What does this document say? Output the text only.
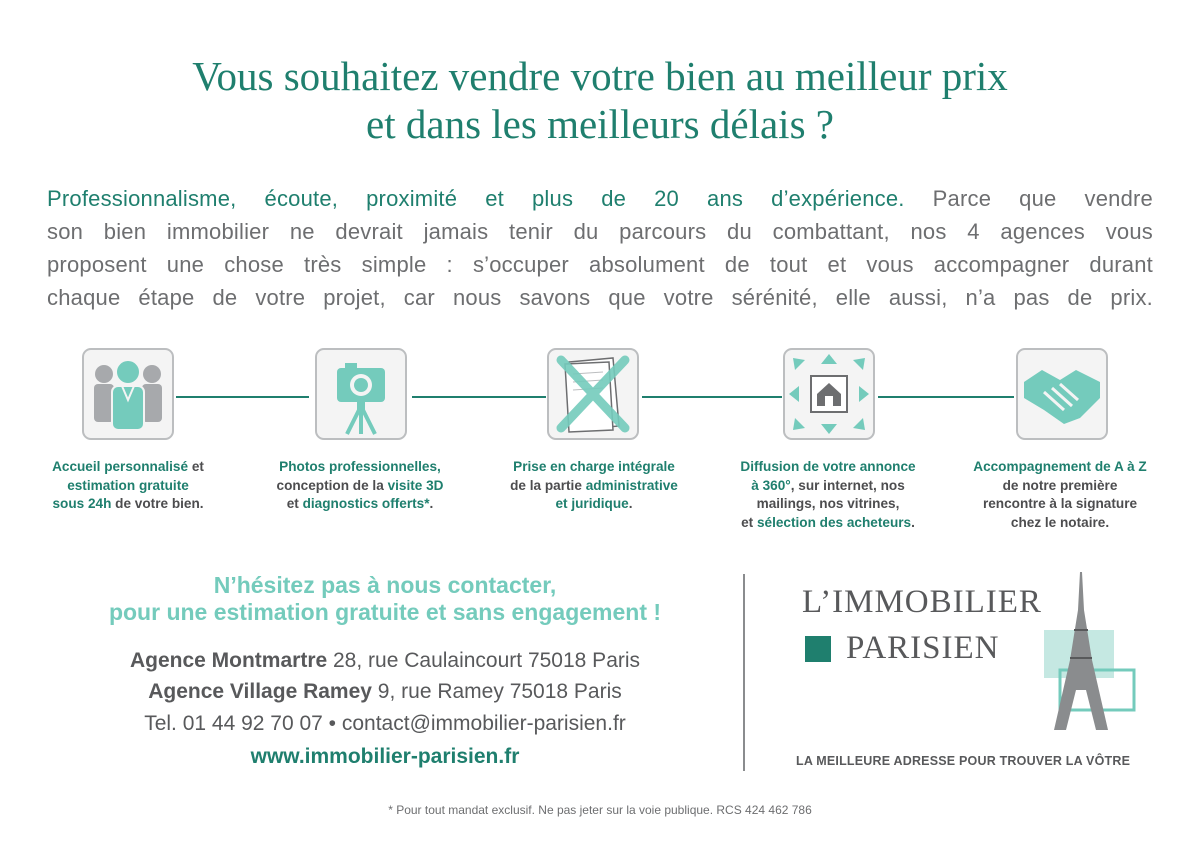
Vous souhaitez vendre votre bien au meilleur prix
et dans les meilleurs délais ?

Professionnalisme, écoute, proximité et plus de 20 ans d’expérience. Parce que vendre

son bien immobilier ne devrait jamais tenir du parcours du combattant, nos 4 agences vous

proposent une chose très simple : s’occuper absolument de tout et vous accompagner durant

chaque étape de votre projet, car nous savons que votre sérénité, elle aussi, n’a pas de prix.

Accueil personnalisé et
estimation gratuite
sous 24h de votre bien.
Photos professionnelles,
conception de la visite 3D
et diagnostics offerts*.
Prise en charge intégrale
de la partie administrative
et juridique.
Diffusion de votre annonce
à 360°, sur internet, nos
mailings, nos vitrines,
et sélection des acheteurs.
Accompagnement de A à Z
de notre première
rencontre à la signature
chez le notaire.
N’hésitez pas à nous contacter,
pour une estimation gratuite et sans engagement !
Agence Montmartre 28, rue Caulaincourt 75018 Paris
Agence Village Ramey 9, rue Ramey 75018 Paris
Tel. 01 44 92 70 07 • contact@immobilier-parisien.fr
www.immobilier-parisien.fr
L’IMMOBILIER
PARISIEN
LA MEILLEURE ADRESSE POUR TROUVER LA VÔTRE
* Pour tout mandat exclusif. Ne pas jeter sur la voie publique. RCS 424 462 786
